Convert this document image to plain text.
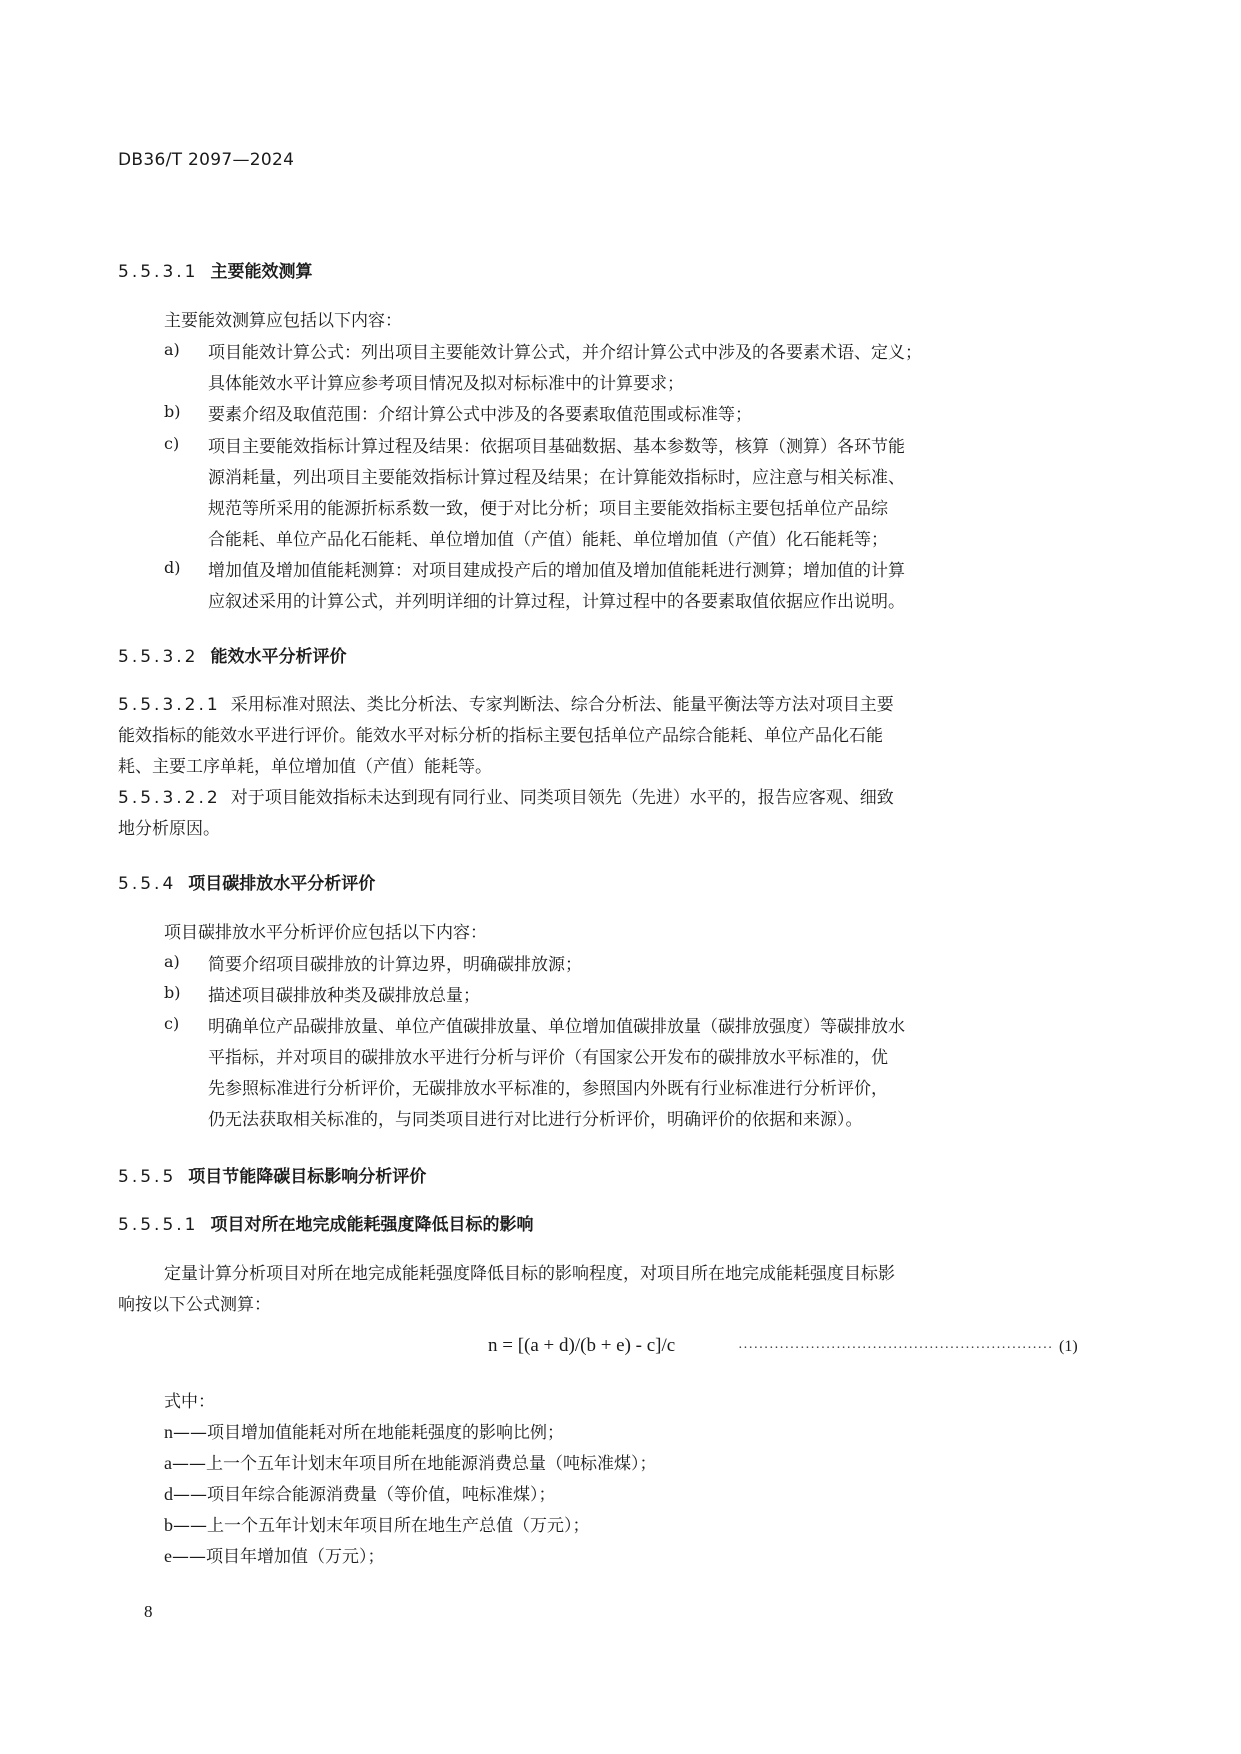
DB36/T 2097—2024
5.5.3.1 主要能效测算
主要能效测算应包括以下内容：
a) 项目能效计算公式：列出项目主要能效计算公式，并介绍计算公式中涉及的各要素术语、定义；
具体能效水平计算应参考项目情况及拟对标标准中的计算要求；
b) 要素介绍及取值范围：介绍计算公式中涉及的各要素取值范围或标准等；
c) 项目主要能效指标计算过程及结果：依据项目基础数据、基本参数等，核算（测算）各环节能
源消耗量，列出项目主要能效指标计算过程及结果；在计算能效指标时，应注意与相关标准、
规范等所采用的能源折标系数一致，便于对比分析；项目主要能效指标主要包括单位产品综
合能耗、单位产品化石能耗、单位增加值（产值）能耗、单位增加值（产值）化石能耗等；
d) 增加值及增加值能耗测算：对项目建成投产后的增加值及增加值能耗进行测算；增加值的计算
应叙述采用的计算公式，并列明详细的计算过程，计算过程中的各要素取值依据应作出说明。
5.5.3.2 能效水平分析评价
5.5.3.2.1 采用标准对照法、类比分析法、专家判断法、综合分析法、能量平衡法等方法对项目主要
能效指标的能效水平进行评价。能效水平对标分析的指标主要包括单位产品综合能耗、单位产品化石能
耗、主要工序单耗，单位增加值（产值）能耗等。
5.5.3.2.2 对于项目能效指标未达到现有同行业、同类项目领先（先进）水平的，报告应客观、细致
地分析原因。
5.5.4 项目碳排放水平分析评价
项目碳排放水平分析评价应包括以下内容：
a) 简要介绍项目碳排放的计算边界，明确碳排放源；
b) 描述项目碳排放种类及碳排放总量；
c) 明确单位产品碳排放量、单位产值碳排放量、单位增加值碳排放量（碳排放强度）等碳排放水
平指标，并对项目的碳排放水平进行分析与评价（有国家公开发布的碳排放水平标准的，优
先参照标准进行分析评价，无碳排放水平标准的，参照国内外既有行业标准进行分析评价，
仍无法获取相关标准的，与同类项目进行对比进行分析评价，明确评价的依据和来源）。
5.5.5 项目节能降碳目标影响分析评价
5.5.5.1 项目对所在地完成能耗强度降低目标的影响
定量计算分析项目对所在地完成能耗强度降低目标的影响程度，对项目所在地完成能耗强度目标影
响按以下公式测算：
n = [(a + d)/(b + e) - c]/c	····························································· (1)
式中：
n——项目增加值能耗对所在地能耗强度的影响比例；
a——上一个五年计划末年项目所在地能源消费总量（吨标准煤）；
d——项目年综合能源消费量（等价值，吨标准煤）；
b——上一个五年计划末年项目所在地生产总值（万元）；
e——项目年增加值（万元）；
8
